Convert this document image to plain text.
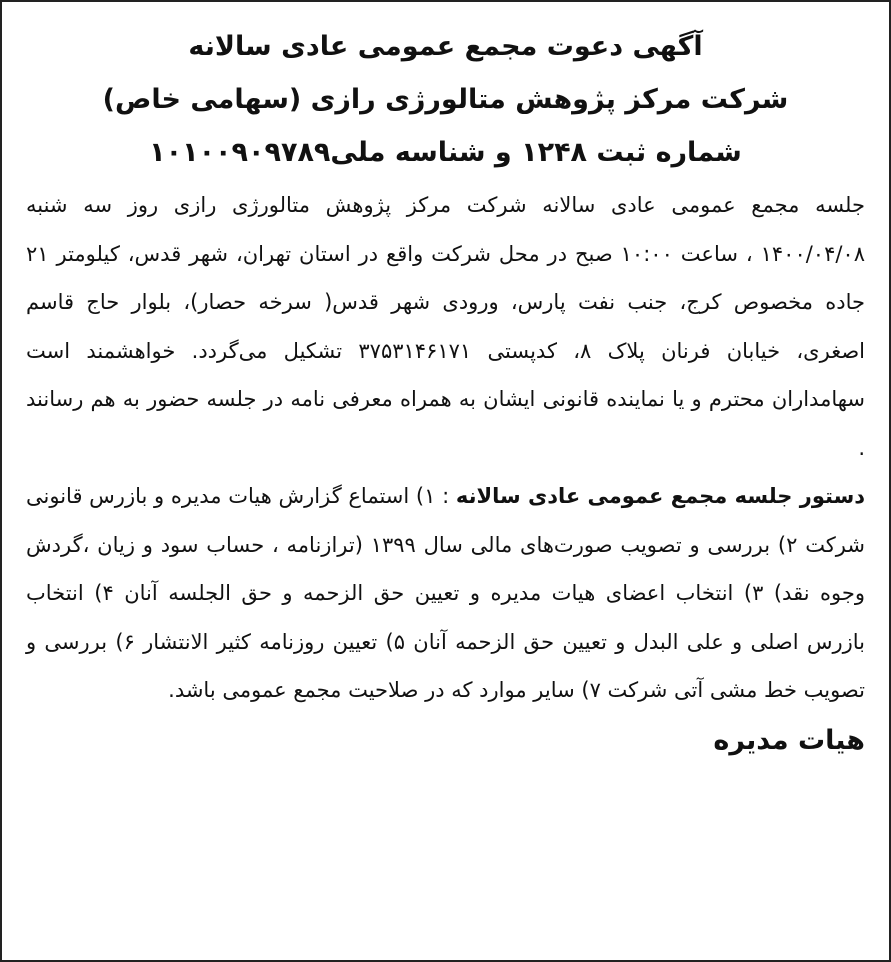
آگهی دعوت مجمع عمومی عادی سالانه

شرکت مرکز پژوهش متالورژی رازی (سهامی خاص)

شماره ثبت ۱۲۴۸ و شناسه ملی۱۰۱۰۰۹۰۹۷۸۹

جلسه مجمع عمومی عادی سالانه شرکت مرکز پژوهش متالورژی رازی روز سه شنبه ۱۴۰۰/۰۴/۰۸ ، ساعت ۱۰:۰۰ صبح در محل شرکت واقع در استان تهران، شهر قدس، کیلومتر ۲۱ جاده مخصوص کرج، جنب نفت پارس، ورودی شهر قدس( سرخه حصار)، بلوار حاج قاسم اصغری، خیابان فرنان پلاک ۸، کدپستی ۳۷۵۳۱۴۶۱۷۱ تشکیل می‌گردد. خواهشمند است سهامداران محترم و یا نماینده قانونی ایشان به همراه معرفی نامه در جلسه حضور به هم رسانند .

دستور جلسه مجمع عمومی عادی سالانه : ۱) استماع گزارش هیات مدیره و بازرس قانونی شرکت ۲) بررسی و تصویب صورت‌های مالی سال ۱۳۹۹ (ترازنامه ، حساب سود و زیان ،گردش وجوه نقد) ۳) انتخاب اعضای هیات مدیره و تعیین حق الزحمه و حق الجلسه آنان ۴) انتخاب بازرس اصلی و علی البدل و تعیین حق الزحمه آنان ۵) تعیین روزنامه کثیر الانتشار ۶) بررسی و تصویب خط مشی آتی شرکت ۷) سایر موارد که در صلاحیت مجمع عمومی باشد.

هیات مدیره
